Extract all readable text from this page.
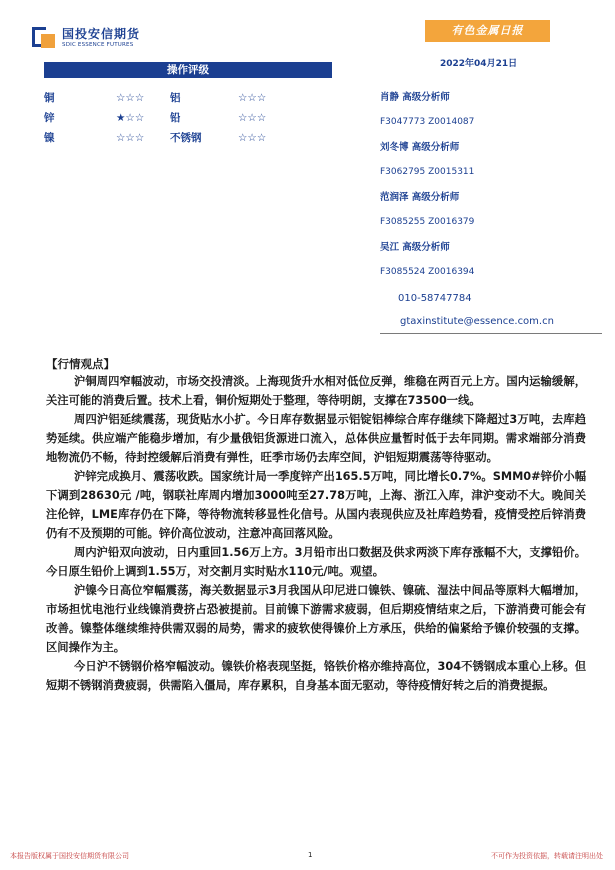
国投安信期货
SDIC ESSENCE FUTURES
有色金属日报
2022年04月21日
操作评级
铜	☆☆☆ 铝	☆☆☆
锌	★☆☆ 铅	☆☆☆
镍	☆☆☆ 不锈钢	☆☆☆
肖静 高级分析师
F3047773 Z0014087
刘冬博 高级分析师
F3062795 Z0015311
范润泽 高级分析师
F3085255 Z0016379
吴江 高级分析师
F3085524 Z0016394
010-58747784
gtaxinstitute@essence.com.cn
【行情观点】

沪铜周四窄幅波动，市场交投清淡。上海现货升水相对低位反弹，维稳在两百元上方。国内运输缓解，关注可能的消费后置。技术上看，铜价短期处于整理，等待明朗，支撑在73500一线。

周四沪铝延续震荡，现货贴水小扩。今日库存数据显示铝锭铝棒综合库存继续下降超过3万吨，去库趋势延续。供应端产能稳步增加，有少量俄铝货源进口流入，总体供应量暂时低于去年同期。需求端部分消费地物流仍不畅，待封控缓解后消费有弹性，旺季市场仍去库空间，沪铝短期震荡等待驱动。

沪锌完成换月、震荡收跌。国家统计局一季度锌产出165.5万吨，同比增长0.7%。SMM0#锌价小幅下调到28630元 /吨，钢联社库周内增加3000吨至27.78万吨，上海、浙江入库，津沪变动不大。晚间关注伦锌，LME库存仍在下降，等待物流转移显性化信号。从国内表现供应及社库趋势看，疫情受控后锌消费仍有不及预期的可能。锌价高位波动，注意冲高回落风险。

周内沪铅双向波动，日内重回1.56万上方。3月铅市出口数据及供求两淡下库存涨幅不大，支撑铅价。今日原生铅价上调到1.55万，对交割月实时贴水110元/吨。观望。

沪镍今日高位窄幅震荡，海关数据显示3月我国从印尼进口镍铁、镍硫、湿法中间品等原料大幅增加，市场担忧电池行业线镍消费挤占恐被提前。目前镍下游需求疲弱，但后期疫情结束之后，下游消费可能会有改善。镍整体继续维持供需双弱的局势，需求的疲软使得镍价上方承压，供给的偏紧给予镍价较强的支撑。区间操作为主。

今日沪不锈钢价格窄幅波动。镍铁价格表现坚挺，铬铁价格亦维持高位，304不锈钢成本重心上移。但短期不锈钢消费疲弱，供需陷入僵局，库存累积，自身基本面无驱动，等待疫情好转之后的消费提振。

本报告版权属于国投安信期货有限公司	1	不可作为投资依据，转载请注明出处
